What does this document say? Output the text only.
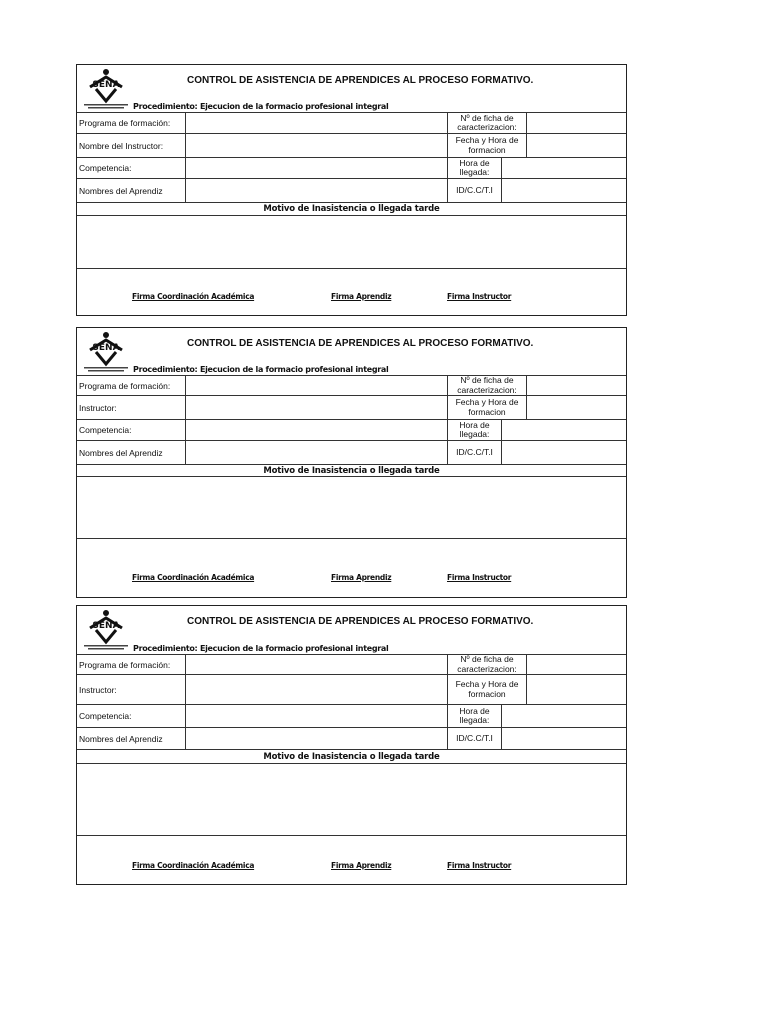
SENA	CONTROL DE ASISTENCIA DE APRENDICES AL PROCESO FORMATIVO.
Procedimiento: Ejecucion de la formacio profesional integral
Programa de formación:
Nº de ficha de
caracterizacion:
Nombre del Instructor:
Fecha y Hora de
formacion
Competencia:
Hora de
llegada:
Nombres del Aprendiz	ID/C.C/T.I
Motivo de Inasistencia o llegada tarde
Firma Coordinación Académica	Firma Aprendiz	Firma Instructor
SENA	CONTROL DE ASISTENCIA DE APRENDICES AL PROCESO FORMATIVO.
Procedimiento: Ejecucion de la formacio profesional integral
Programa de formación:
Nº de ficha de
caracterizacion:
Instructor:
Fecha y Hora de
formacion
Competencia:
Hora de
llegada:
Nombres del Aprendiz	ID/C.C/T.I
Motivo de Inasistencia o llegada tarde
Firma Coordinación Académica	Firma Aprendiz	Firma Instructor
SENA	CONTROL DE ASISTENCIA DE APRENDICES AL PROCESO FORMATIVO.
Procedimiento: Ejecucion de la formacio profesional integral
Programa de formación:
Nº de ficha de
caracterizacion:
Instructor:
Fecha y Hora de
formacion
Competencia:
Hora de
llegada:
Nombres del Aprendiz	ID/C.C/T.I
Motivo de Inasistencia o llegada tarde
Firma Coordinación Académica	Firma Aprendiz	Firma Instructor
